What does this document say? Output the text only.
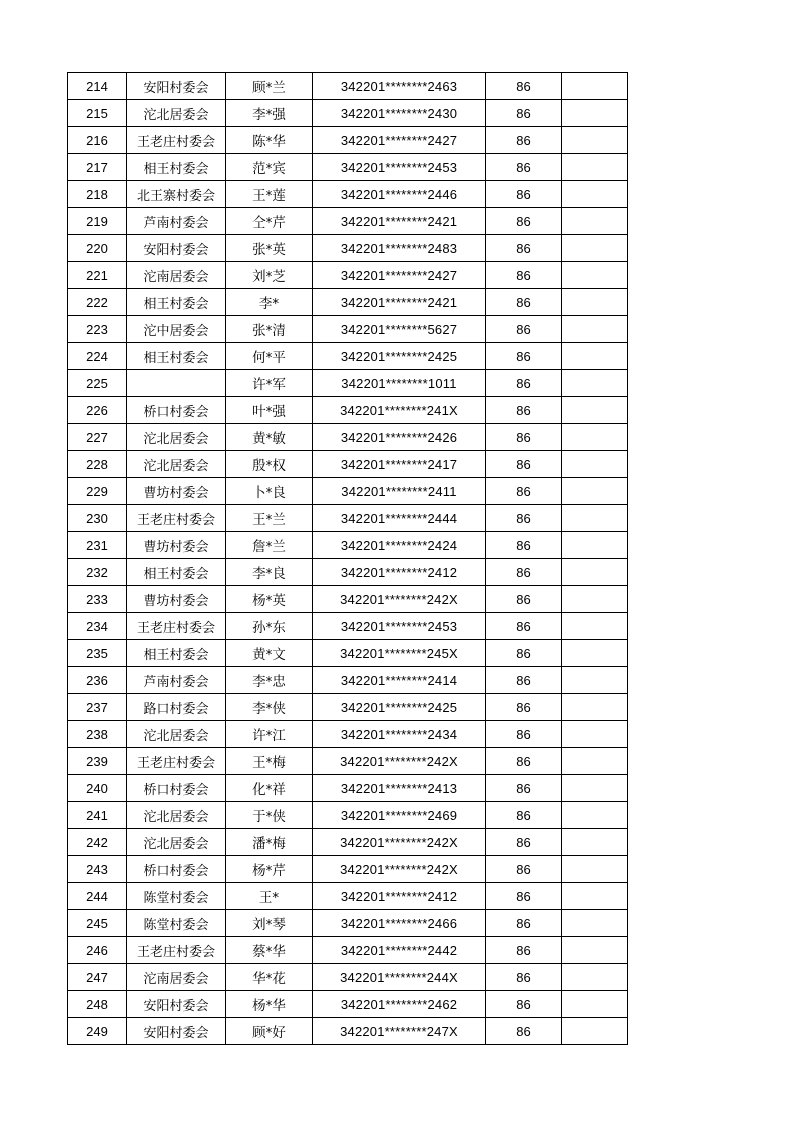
214	安阳村委会	顾*兰	342201********2463	86	
215	沱北居委会	李*强	342201********2430	86	
216	王老庄村委会	陈*华	342201********2427	86	
217	相王村委会	范*宾	342201********2453	86	
218	北王寨村委会	王*莲	342201********2446	86	
219	芦南村委会	仝*芹	342201********2421	86	
220	安阳村委会	张*英	342201********2483	86	
221	沱南居委会	刘*芝	342201********2427	86	
222	相王村委会	李*	342201********2421	86	
223	沱中居委会	张*清	342201********5627	86	
224	相王村委会	何*平	342201********2425	86	
225		许*军	342201********1011	86	
226	桥口村委会	叶*强	342201********241X	86	
227	沱北居委会	黄*敏	342201********2426	86	
228	沱北居委会	殷*权	342201********2417	86	
229	曹坊村委会	卜*良	342201********2411	86	
230	王老庄村委会	王*兰	342201********2444	86	
231	曹坊村委会	詹*兰	342201********2424	86	
232	相王村委会	李*良	342201********2412	86	
233	曹坊村委会	杨*英	342201********242X	86	
234	王老庄村委会	孙*东	342201********2453	86	
235	相王村委会	黄*文	342201********245X	86	
236	芦南村委会	李*忠	342201********2414	86	
237	路口村委会	李*侠	342201********2425	86	
238	沱北居委会	许*江	342201********2434	86	
239	王老庄村委会	王*梅	342201********242X	86	
240	桥口村委会	化*祥	342201********2413	86	
241	沱北居委会	于*侠	342201********2469	86	
242	沱北居委会	潘*梅	342201********242X	86	
243	桥口村委会	杨*芹	342201********242X	86	
244	陈堂村委会	王*	342201********2412	86	
245	陈堂村委会	刘*琴	342201********2466	86	
246	王老庄村委会	蔡*华	342201********2442	86	
247	沱南居委会	华*花	342201********244X	86	
248	安阳村委会	杨*华	342201********2462	86	
249	安阳村委会	顾*好	342201********247X	86	
